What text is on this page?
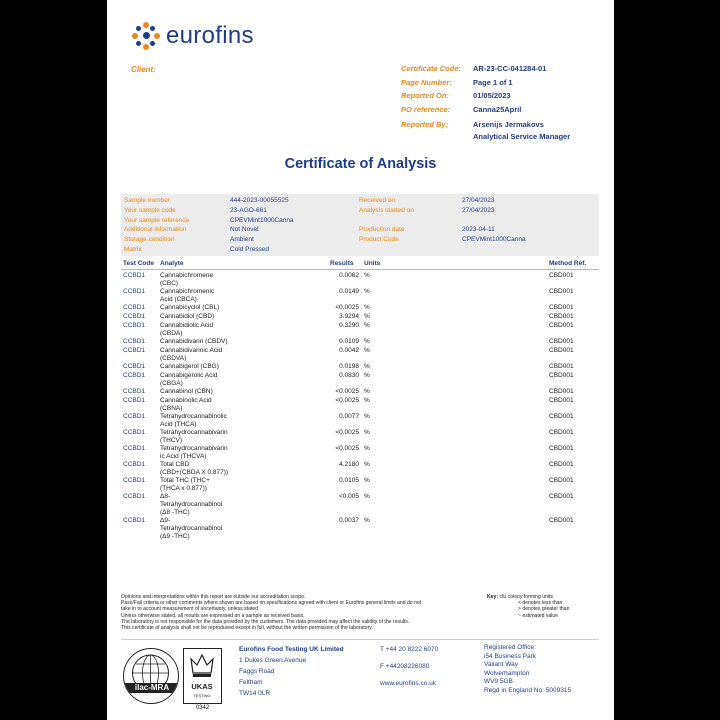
eurofins
Client:	Certificate Code: AR-23-CC-041284-01
Page Number:	Page 1 of 1
Reported On:	01/05/2023
PO reference:	Canna25April
Reported By:	Arsenijs Jermakovs
Analytical Service Manager
Certificate of Analysis
Sample number	444-2023-00055525	Received on	27/04/2023
Your sample code	23-AGO-661	Analysis started on	27/04/2023
Your sample reference	CPEVMint1000Canna
Additional information	Not Novel	Production date	2023-04-11
Storage condition	Ambient	Product Code	CPEVMint1000Canna
Matrix	Cold Pressed
Test Code Analyte	Results Units	Method Ref.
CCBD1 Cannabichromene
(CBC)
0.0062 %	CBD001
CCBD1 Cannabichromenic
Acid (CBCA)
0.0149 %	CBD001
CCBD1 Cannabicyclol (CBL)	<0.0025 %	CBD001
CCBD1 Cannabidiol (CBD)	3.9294 %	CBD001
CCBD1 Cannabidiolic Acid
(CBDA)
0.3290 %	CBD001
CCBD1 Cannabidivarin (CBDV)	0.0109 %	CBD001
CCBD1 Cannabidivarinic Acid
(CBDVA)
0.0042 %	CBD001
CCBD1 Cannabigerol (CBG)	0.0198 %	CBD001
CCBD1 Cannabigerolic Acid
(CBGA)
0.0830 %	CBD001
CCBD1 Cannabinol (CBN)	<0.0025 %	CBD001
CCBD1 Cannabinolic Acid
(CBNA)
<0.0025 %	CBD001
CCBD1 Tetrahydrocannabinolic
Acid (THCA)
0.0077 %	CBD001
CCBD1 Tetrahydrocannabivarin
(THCV)
<0.0025 %	CBD001
CCBD1 Tetrahydrocannabivarin
ic Acid (THCVA)
<0.0025 %	CBD001
CCBD1 Total CBD
(CBD+(CBDA X 0.877))
4.2180 %	CBD001
CCBD1 Total THC (THC+
(THCA x 0.877))
0.0105 %	CBD001
CCBD1 Δ8-
Tetrahydrocannabinol
(Δ8 -THC)
<0.005 %	CBD001
CCBD1 Δ9-
Tetrahydrocannabinol
(Δ9 -THC)
0.0037 %	CBD001
Opinions and interpretations within this report are outside our accreditation scope.
Pass/Fail criteria or other comments where shown are based on specifications agreed with client or Eurofins general limits and do not
take in to account measurement of uncertainty, unless stated
Unless otherwise stated, all results are expressed on a sample as received basis.
The laboratory is not responsible for the data provided by the customers. The data provided may affect the validity of the results.
This certificate of analysis shall not be reproduced except in full, without the written permission of the laboratory.
Key: cfu colony forming units
< denotes less than
> denotes greater than
~ estimated value
ilac-MRA	UKAS
TESTING
0342
Eurofins Food Testing UK Limited
1 Dukes Green Avenue
Faggs Road
Feltham
TW14 0LR
T +44 20 8222 6070
F +44208226080
www.eurofins.co.uk
Registered Office:
i54 Business Park
Valiant Way
Wolverhampton
WV9 5GB
Regd in England No: 5009315
